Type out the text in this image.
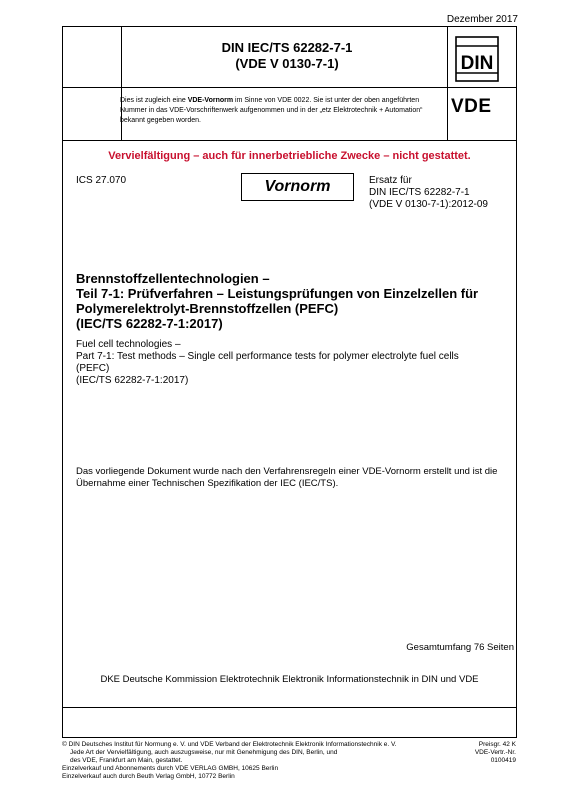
Dezember 2017
DIN IEC/TS 62282-7-1
(VDE V 0130-7-1)	DIN
Dies ist zugleich eine VDE-Vornorm im Sinne von VDE 0022. Sie ist unter der oben angeführten Nummer in das VDE-Vorschriftenwerk aufgenommen und in der „etz Elektrotechnik + Automation“ bekannt gegeben worden.
VDE
Vervielfältigung – auch für innerbetriebliche Zwecke – nicht gestattet.
ICS 27.070	Vornorm	Ersatz für
DIN IEC/TS 62282-7-1
(VDE V 0130-7-1):2012-09
Brennstoffzellentechnologien –
Teil 7-1: Prüfverfahren – Leistungsprüfungen von Einzelzellen für
Polymerelektrolyt-Brennstoffzellen (PEFC)
(IEC/TS 62282-7-1:2017)
Fuel cell technologies –
Part 7-1: Test methods – Single cell performance tests for polymer electrolyte fuel cells
(PEFC)
(IEC/TS 62282-7-1:2017)
Das vorliegende Dokument wurde nach den Verfahrensregeln einer VDE-Vornorm erstellt und ist die Übernahme einer Technischen Spezifikation der IEC (IEC/TS).
Gesamtumfang 76 Seiten
DKE Deutsche Kommission Elektrotechnik Elektronik Informationstechnik in DIN und VDE
© DIN Deutsches Institut für Normung e. V. und VDE Verband der Elektrotechnik Elektronik Informationstechnik e. V.
Jede Art der Vervielfältigung, auch auszugsweise, nur mit Genehmigung des DIN, Berlin, und
des VDE, Frankfurt am Main, gestattet.
Einzelverkauf und Abonnements durch VDE VERLAG GMBH, 10625 Berlin
Einzelverkauf auch durch Beuth Verlag GmbH, 10772 Berlin
Preisgr. 42 K
VDE-Vertr.-Nr. 0100419
